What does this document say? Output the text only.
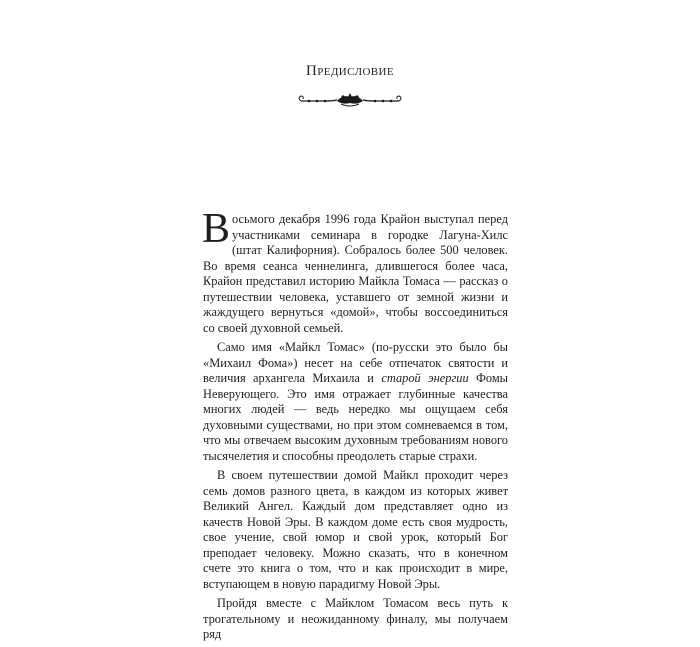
Предисловие

Восьмого декабря 1996 года Крайон выступал перед участниками семинара в городке Лагуна-Хилс (штат Калифорния). Собралось более 500 человек. Во время сеанса ченнелинга, длившегося более часа, Крайон представил историю Майкла Томаса — рассказ о путешествии человека, уставшего от земной жизни и жаждущего вернуться «домой», чтобы воссоединиться со своей духовной семьей.

Само имя «Майкл Томас» (по-русски это было бы «Михаил Фома») несет на себе отпечаток святости и величия архангела Михаила и старой энергии Фомы Неверующего. Это имя отражает глубинные качества многих людей — ведь нередко мы ощущаем себя духовными существами, но при этом сомневаемся в том, что мы отвечаем высоким духовным требованиям нового тысячелетия и способны преодолеть старые страхи.

В своем путешествии домой Майкл проходит через семь домов разного цвета, в каждом из которых живет Великий Ангел. Каждый дом представляет одно из качеств Новой Эры. В каждом доме есть своя мудрость, свое учение, свой юмор и свой урок, который Бог преподает человеку. Можно сказать, что в конечном счете это книга о том, что и как происходит в мире, вступающем в новую парадигму Новой Эры.

Пройдя вместе с Майклом Томасом весь путь к трогательному и неожиданному финалу, мы получаем ряд
